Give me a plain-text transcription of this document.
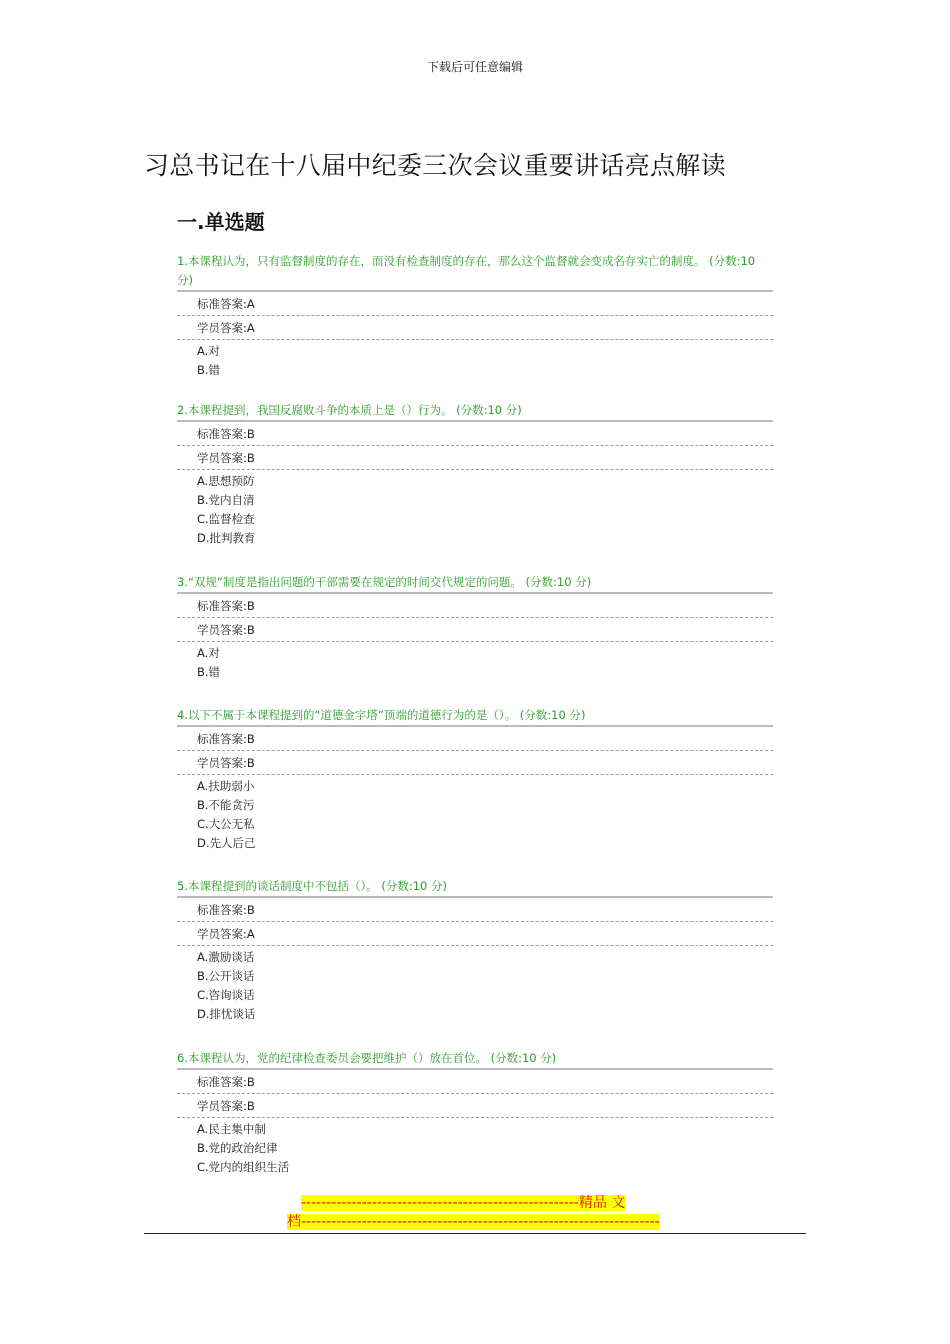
下载后可任意编辑
习总书记在十八届中纪委三次会议重要讲话亮点解读
一.单选题
1.本课程认为，只有监督制度的存在，而没有检查制度的存在，那么这个监督就会变成名存实亡的制度。 (分数:10 分)
标准答案:A
学员答案:A
A.对
B.错
2.本课程提到，我国反腐败斗争的本质上是（）行为。 (分数:10 分)
标准答案:B
学员答案:B
A.思想预防
B.党内自清
C.监督检查
D.批判教育
3.“双规”制度是指出问题的干部需要在规定的时间交代规定的问题。 (分数:10 分)
标准答案:B
学员答案:B
A.对
B.错
4.以下不属于本课程提到的“道德金字塔”顶端的道德行为的是（）。 (分数:10 分)
标准答案:B
学员答案:B
A.扶助弱小
B.不能贪污
C.大公无私
D.先人后己
5.本课程提到的谈话制度中不包括（）。 (分数:10 分)
标准答案:B
学员答案:A
A.激励谈话
B.公开谈话
C.咨询谈话
D.排忧谈话
6.本课程认为，党的纪律检查委员会要把维护（）放在首位。 (分数:10 分)
标准答案:B
学员答案:B
A.民主集中制
B.党的政治纪律
C.党内的组织生活
-------------------------------------------------------精品 文
档-----------------------------------------------------------------------
